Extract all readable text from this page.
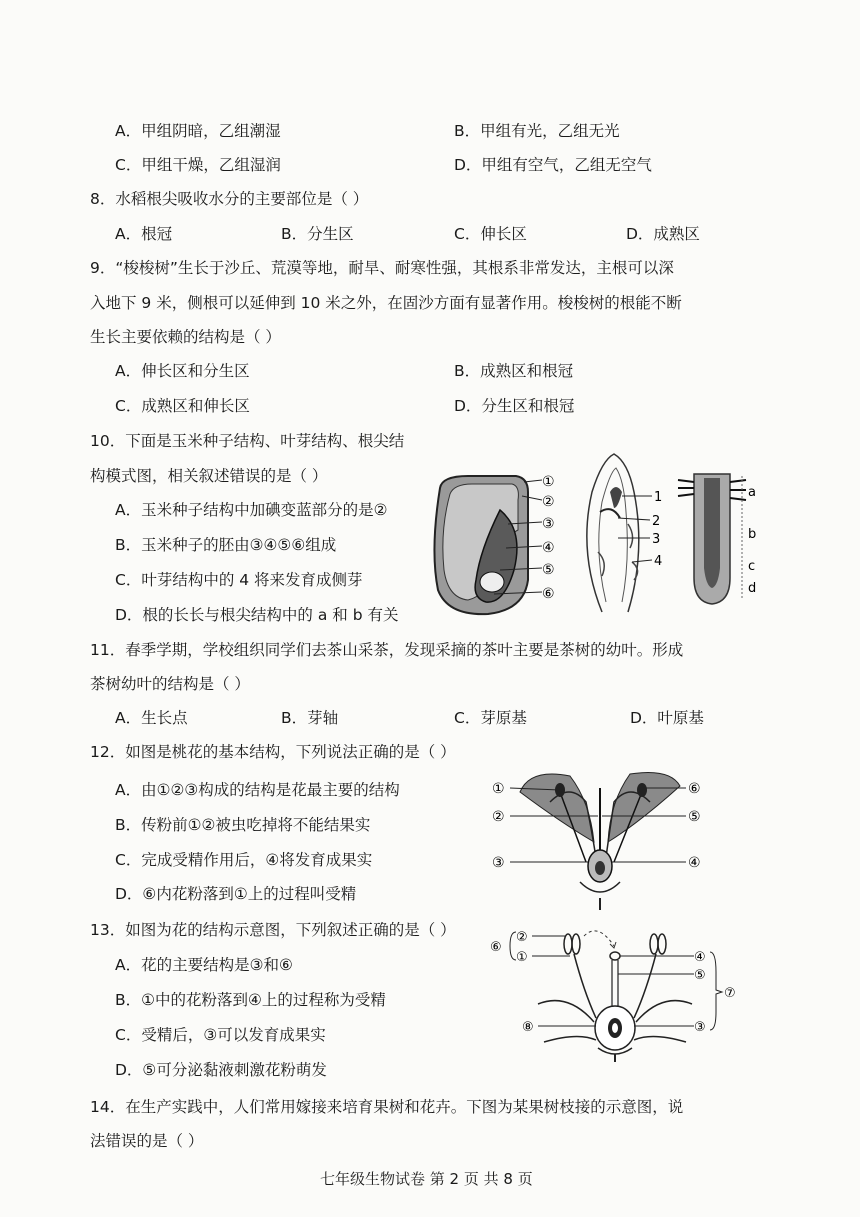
A．甲组阴暗，乙组潮湿	B．甲组有光，乙组无光
C．甲组干燥，乙组湿润	D．甲组有空气，乙组无空气
8．水稻根尖吸收水分的主要部位是（ ）
A．根冠	B．分生区	C．伸长区	D．成熟区
9．“梭梭树”生长于沙丘、荒漠等地，耐旱、耐寒性强，其根系非常发达，主根可以深
入地下 9 米，侧根可以延伸到 10 米之外，在固沙方面有显著作用。梭梭树的根能不断
生长主要依赖的结构是（ ）
A．伸长区和分生区	B．成熟区和根冠
C．成熟区和伸长区	D．分生区和根冠
10．下面是玉米种子结构、叶芽结构、根尖结
构模式图，相关叙述错误的是（ ）
A．玉米种子结构中加碘变蓝部分的是②
B．玉米种子的胚由③④⑤⑥组成
C．叶芽结构中的 4 将来发育成侧芽
D．根的长长与根尖结构中的 a 和 b 有关
①
②
③
④
⑤
⑥
1
2
3
4
a
b
c
d
11．春季学期，学校组织同学们去茶山采茶，发现采摘的茶叶主要是茶树的幼叶。形成
茶树幼叶的结构是（ ）
A．生长点	B．芽轴	C．芽原基	D．叶原基
12．如图是桃花的基本结构，下列说法正确的是（ ）
A．由①②③构成的结构是花最主要的结构
B．传粉前①②被虫吃掉将不能结果实
C．完成受精作用后，④将发育成果实
D．⑥内花粉落到①上的过程叫受精
①
②
③	④
⑤
⑥
13．如图为花的结构示意图，下列叙述正确的是（ ）
A．花的主要结构是③和⑥
B．①中的花粉落到④上的过程称为受精
C．受精后，③可以发育成果实
D．⑤可分泌黏液刺激花粉萌发
②
①
⑥
④
⑤
⑦
③
⑧
14．在生产实践中，人们常用嫁接来培育果树和花卉。下图为某果树枝接的示意图，说
法错误的是（ ）
七年级生物试卷 第 2 页 共 8 页
